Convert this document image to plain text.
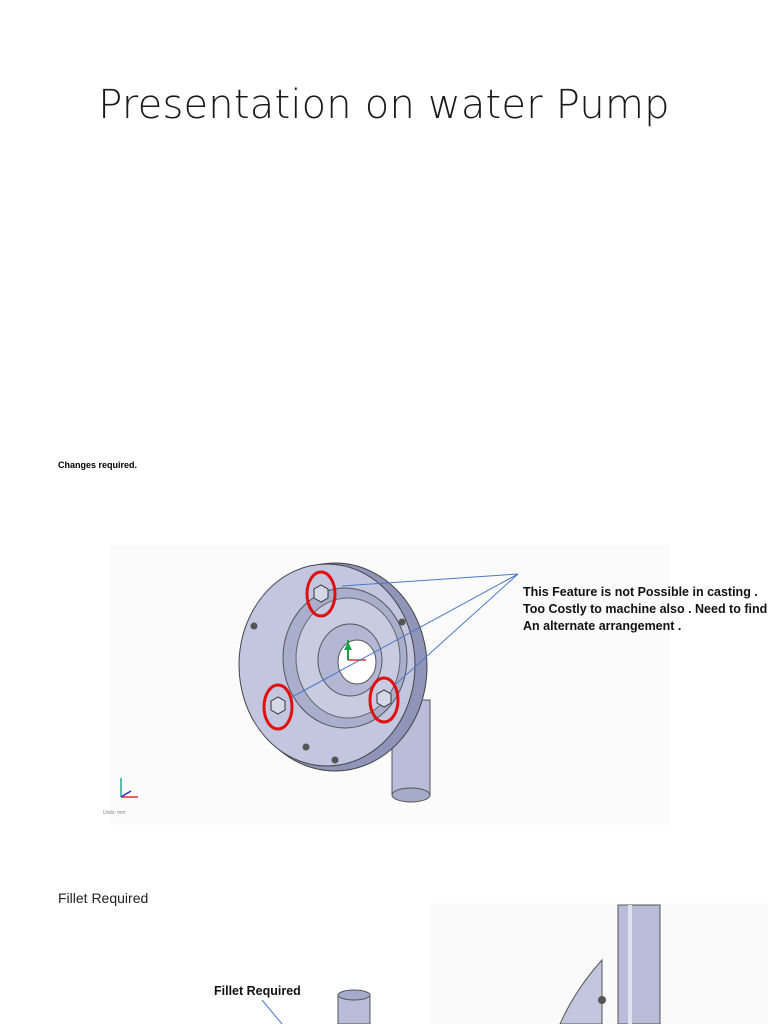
Presentation on water Pump
Changes required.
This Feature is not Possible in casting .
Too Costly to machine also . Need to find
An alternate arrangement .
Units: mm
Fillet Required
Fillet Required
